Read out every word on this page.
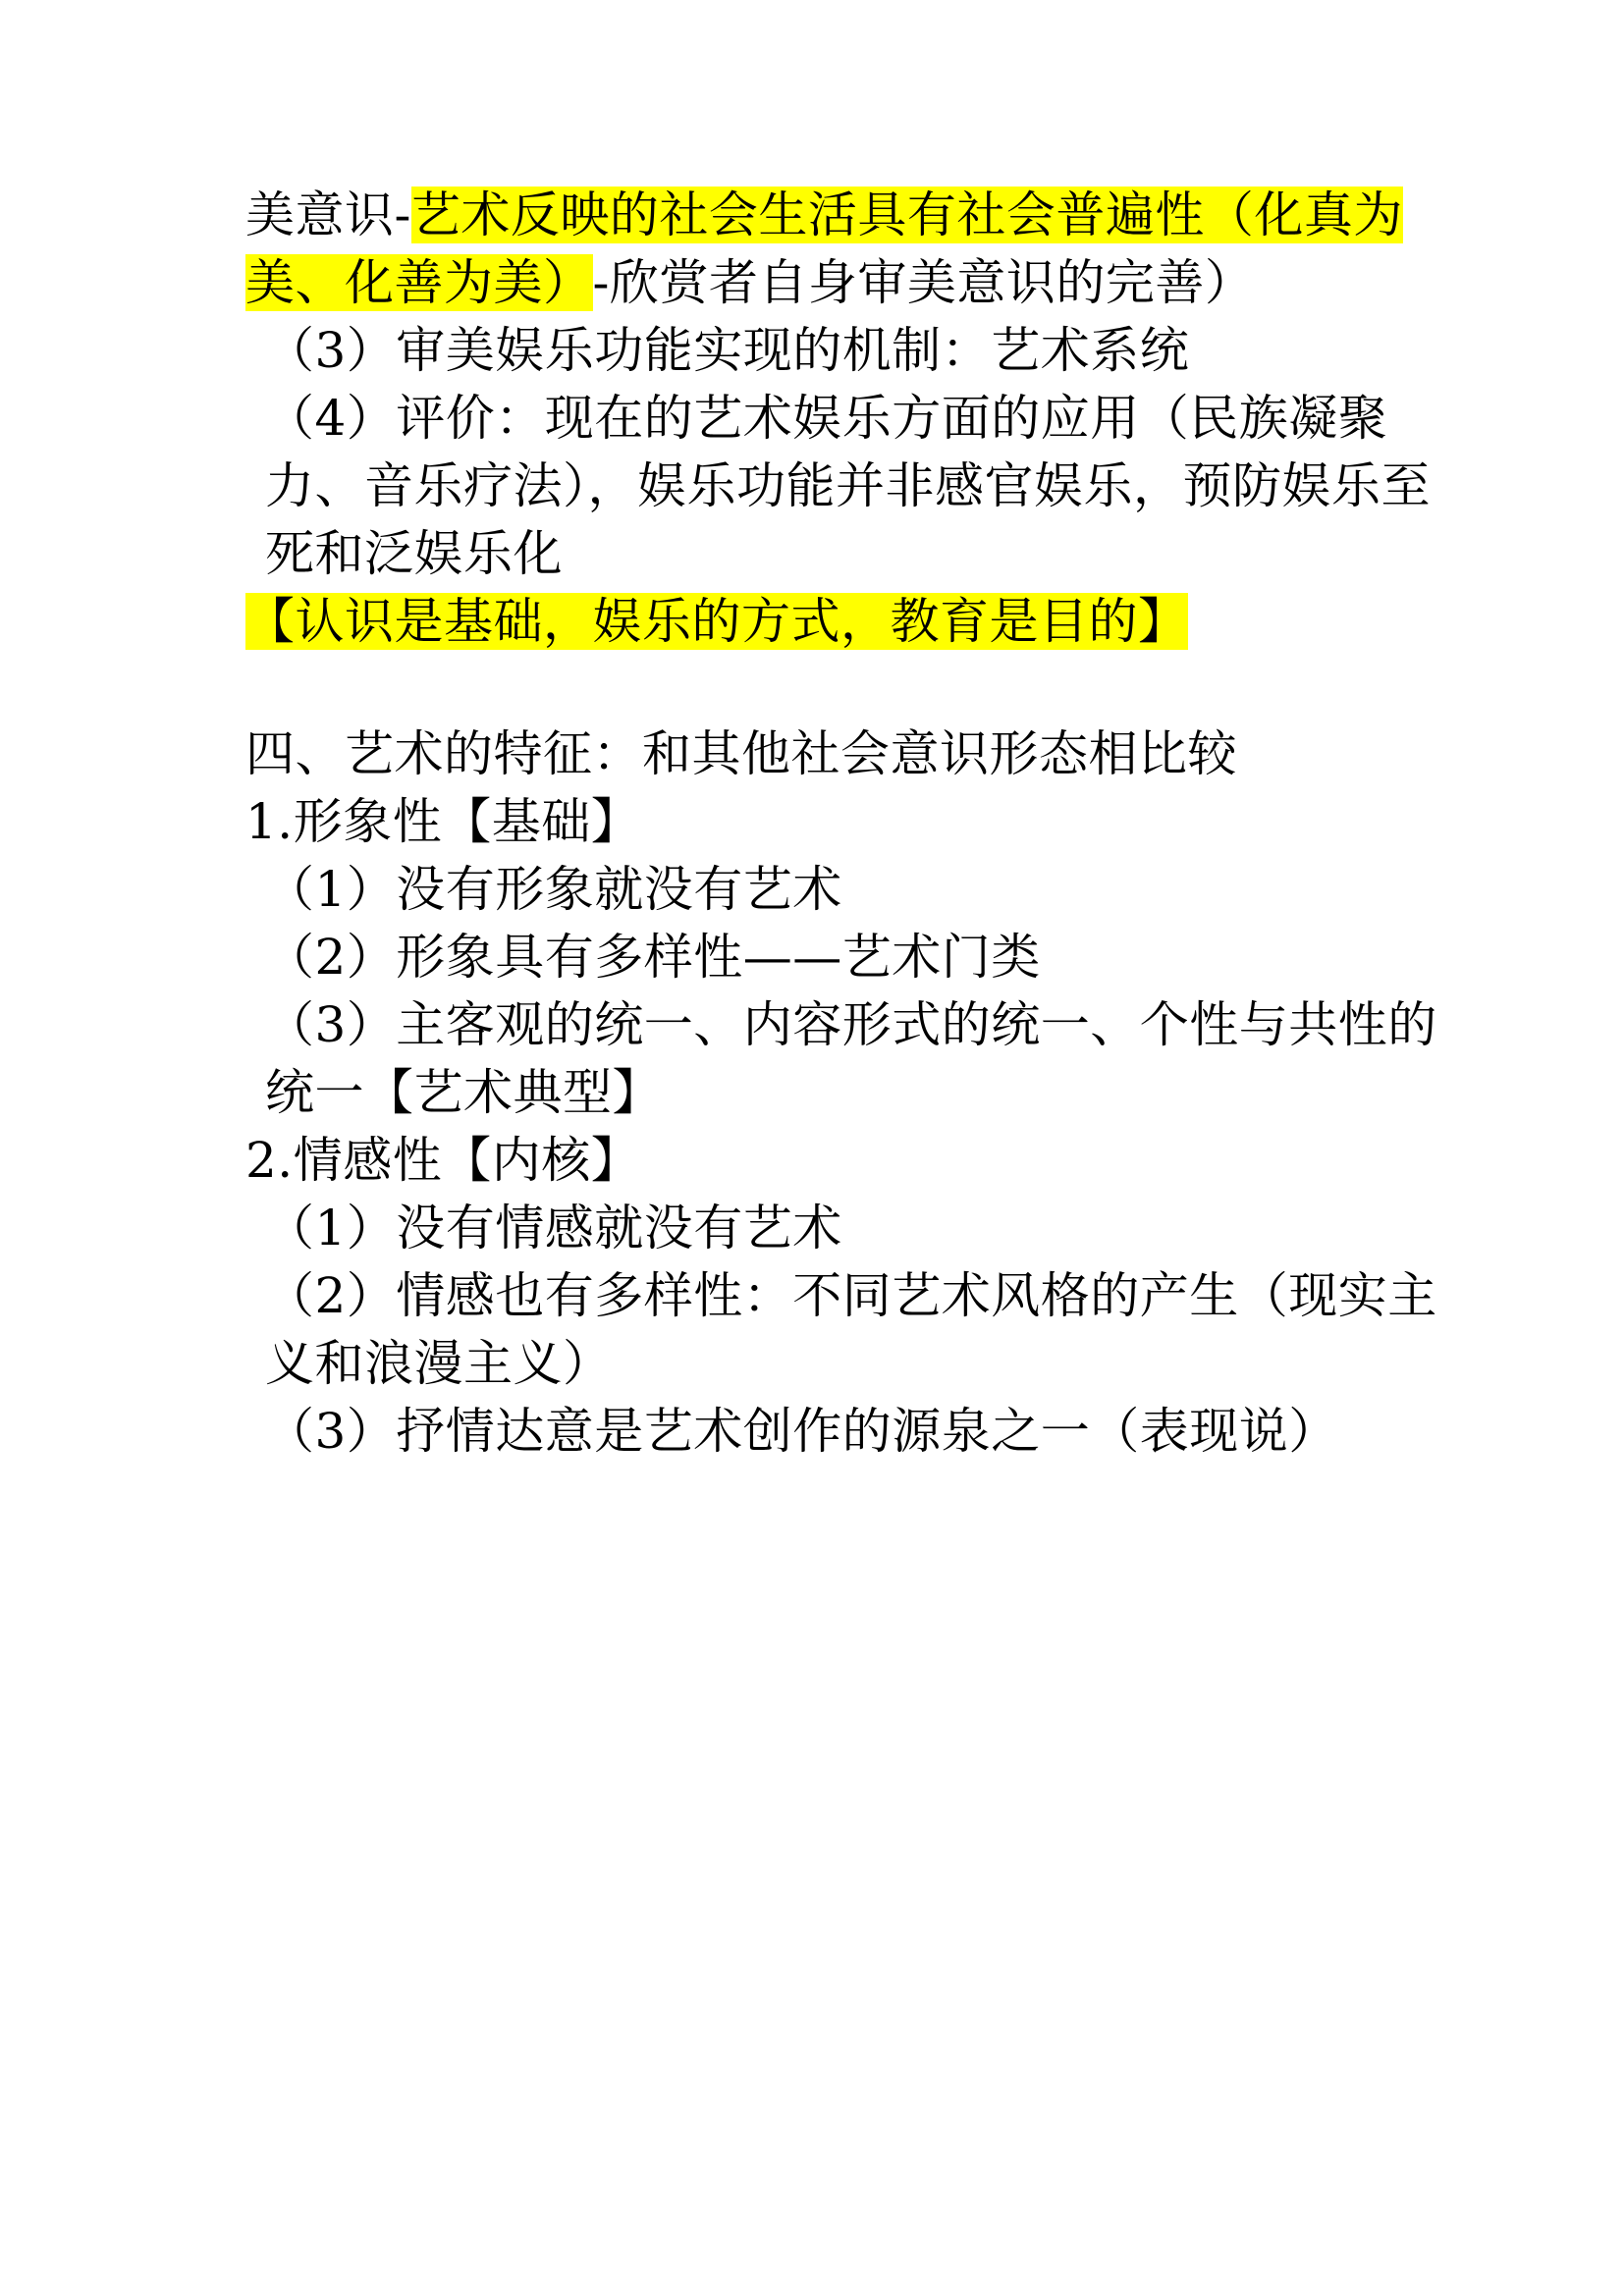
美意识-艺术反映的社会生活具有社会普遍性（化真为美、化善为美）-欣赏者自身审美意识的完善）

（3）审美娱乐功能实现的机制：艺术系统

（4）评价：现在的艺术娱乐方面的应用（民族凝聚力、音乐疗法），娱乐功能并非感官娱乐，预防娱乐至死和泛娱乐化

【认识是基础，娱乐的方式，教育是目的】

四、艺术的特征：和其他社会意识形态相比较

1.形象性【基础】

（1）没有形象就没有艺术

（2）形象具有多样性——艺术门类

（3）主客观的统一、内容形式的统一、个性与共性的统一【艺术典型】

2.情感性【内核】

（1）没有情感就没有艺术

（2）情感也有多样性：不同艺术风格的产生（现实主义和浪漫主义）

（3）抒情达意是艺术创作的源泉之一（表现说）
